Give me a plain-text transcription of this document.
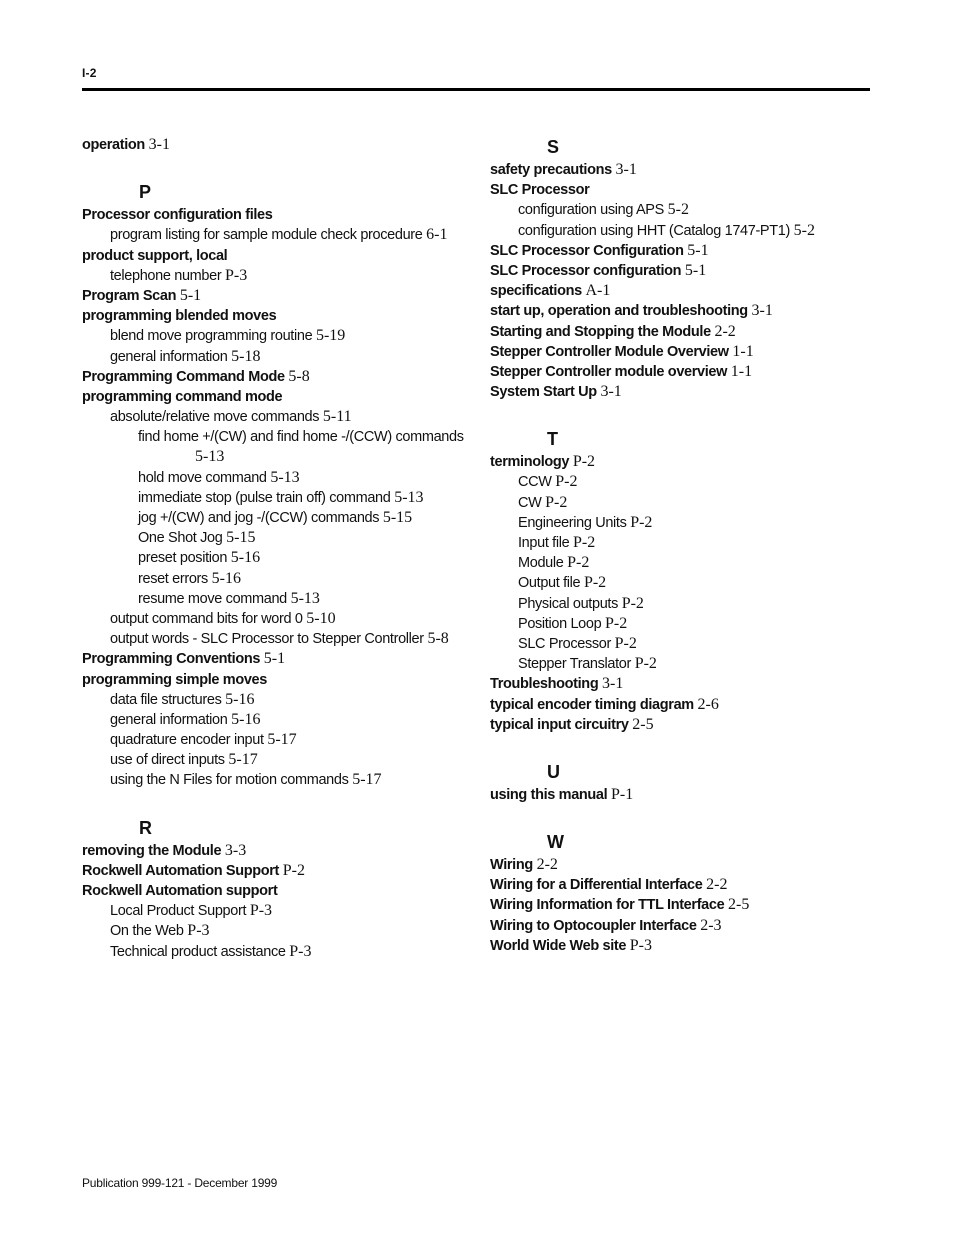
I-2
operation 3-1
P
Processor configuration files
program listing for sample module check procedure 6-1
product support, local
telephone number P-3
Program Scan 5-1
programming blended moves
blend move programming routine 5-19
general information 5-18
Programming Command Mode 5-8
programming command mode
absolute/relative move commands 5-11
find home +/(CW) and find home -/(CCW) commands
5-13
hold move command 5-13
immediate stop (pulse train off) command 5-13
jog +/(CW) and jog -/(CCW) commands 5-15
One Shot Jog 5-15
preset position 5-16
reset errors 5-16
resume move command 5-13
output command bits for word 0 5-10
output words - SLC Processor to Stepper Controller 5-8
Programming Conventions 5-1
programming simple moves
data file structures 5-16
general information 5-16
quadrature encoder input 5-17
use of direct inputs 5-17
using the N Files for motion commands 5-17
R
removing the Module 3-3
Rockwell Automation Support P-2
Rockwell Automation support
Local Product Support P-3
On the Web P-3
Technical product assistance P-3
S
safety precautions 3-1
SLC Processor
configuration using APS 5-2
configuration using HHT (Catalog 1747-PT1) 5-2
SLC Processor Configuration 5-1
SLC Processor configuration 5-1
specifications A-1
start up, operation and troubleshooting 3-1
Starting and Stopping the Module 2-2
Stepper Controller Module Overview 1-1
Stepper Controller module overview 1-1
System Start Up 3-1
T
terminology P-2
CCW P-2
CW P-2
Engineering Units P-2
Input file P-2
Module P-2
Output file P-2
Physical outputs P-2
Position Loop P-2
SLC Processor P-2
Stepper Translator P-2
Troubleshooting 3-1
typical encoder timing diagram 2-6
typical input circuitry 2-5
U
using this manual P-1
W
Wiring 2-2
Wiring for a Differential Interface 2-2
Wiring Information for TTL Interface 2-5
Wiring to Optocoupler Interface 2-3
World Wide Web site P-3
Publication 999-121 - December 1999
